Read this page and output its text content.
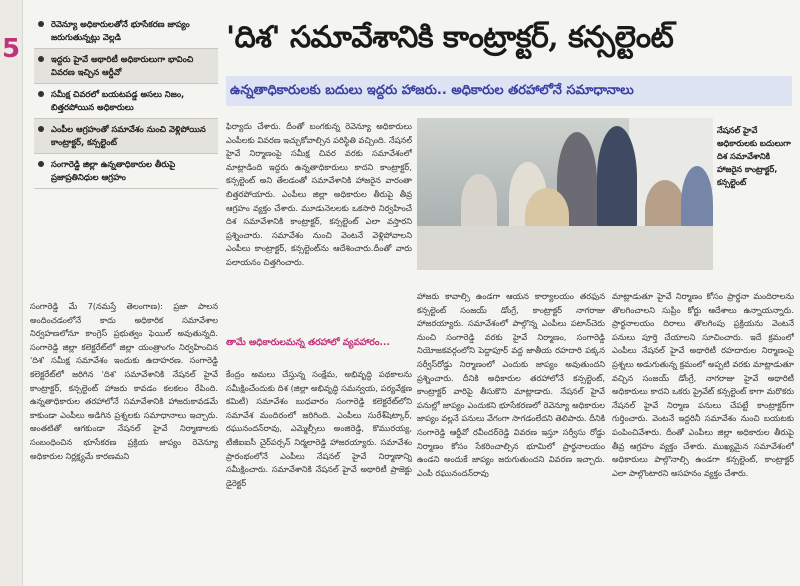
5
రెవెన్యూ అధికారులతోనే భూసేకరణ జాప్యం జరుగుతున్నట్లు వెల్లడి
ఇద్దరు హైవే అథారిటీ అధికారులుగా భావించి వివరణ ఇచ్చిన ఆర్డీవో
సమీక్ష చివరలో బయటపడ్డ అసలు నిజం, బిత్తరపోయిన అధికారులు
ఎంపీల ఆగ్రహంతో సమావేశం నుంచి వెళ్లిపోయిన కాంట్రాక్టర్, కన్సల్టెంట్
సంగారెడ్డి జిల్లా ఉన్నతాధికారుల తీరుపై ప్రజాప్రతినిధుల ఆగ్రహం
'దిశ' సమావేశానికి కాంట్రాక్టర్, కన్సల్టెంట్
ఉన్నతాధికారులకు బదులు ఇద్దరు హాజరు.. అధికారుల తరహాలోనే సమాధానాలు
సంగారెడ్డి మే 7(నమస్తే తెలంగాణ): ప్రజా పాలన అందించడంలోనే కాదు అధికారిక సమావేశాల నిర్వహణలోనూ కాంగ్రెస్ ప్రభుత్వం ఫెయిల్ అవుతున్నది. సంగారెడ్డి జిల్లా కలెక్టరేట్‌లో జిల్లా యంత్రాంగం నిర్వహించిన 'దిశ' సమీక్ష సమావేశం ఇందుకు ఉదాహరణ. సంగారెడ్డి కలెక్టరేట్‌లో జరిగిన 'దిశ' సమావేశానికి నేషనల్ హైవే కాంట్రాక్టర్, కన్సల్టెంట్ హాజరు కావడం కలకలం రేపింది. ఉన్నతాధికారుల తరహాలోనే సమావేశానికి హాజరుకావడమే కాకుండా ఎంపీలు అడిగిన ప్రశ్నలకు సమాధానాలు ఇచ్చారు. అంతటితో ఆగకుండా నేషనల్ హైవే నిర్మాణాలకు సంబంధించిన భూసేకరణ ప్రక్రియ జాప్యం రెవెన్యూ అధికారుల నిర్లక్ష్యమే కారణమని
ఫిర్యాదు చేశారు. దీంతో బంగకున్న రెవెన్యూ అధికారులు ఎంపీలకు వివరణ ఇచ్చుకోవాల్సిన పరిస్థితి వచ్చింది. నేషనల్ హైవే నిర్మాణంపై సమీక్ష చివర వరకు సమావేశంలో మాట్లాడింది ఇద్దరు ఉన్నతాధికారులు కాదని కాంట్రాక్టర్, కన్సల్టెంట్ అని తేలడంతో సమావేశానికి హాజరైన వారంతా బిత్తరపోయారు. ఎంపీలు జిల్లా అధికారుల తీరుపై తీవ్ర ఆగ్రహం వ్యక్తం చేశారు. మూడునెలలకు ఒకసారి నిర్వహించే దిశ సమావేశానికి కాంట్రాక్టర్, కన్సల్టెంట్ ఎలా వస్తారని ప్రశ్నించారు. సమావేశం నుంచి వెంటనే వెళ్లిపోవాలని ఎంపీలు కాంట్రాక్టర్, కన్సల్టెంట్‌ను ఆదేశించారు.దీంతో వారు పలాయనం చిత్తగించారు.
తామే అధికారులమన్న తరహాలో వ్యవహారం...
కేంద్రం అమలు చేస్తున్న సంక్షేమ, అభివృద్ధి పథకాలను సమీక్షించేందుకు దిశ (జిల్లా అభివృద్ధి సమన్వయ, పర్యవేక్షణ కమిటీ) సమావేశం బుధవారం సంగారెడ్డి కలెక్టరేట్‌లోని సమావేశ మందిరంలో జరిగింది. ఎంపీలు సురేశ్‌షెట్కార్, రఘునందన్‌రావు, ఎమ్మెల్సీలు అంజిరెడ్డి, కొమురయ్య, టీజీఐఐసీ చైర్‌పర్సన్ నిర్మలారెడ్డి హాజరయ్యారు. సమావేశం ప్రారంభంలోనే ఎంపీలు నేషనల్ హైవే నిర్మాణాన్ని సమీక్షించారు. సమావేశానికి నేషనల్ హైవే అథారిటీ ప్రాజెక్టు డైరెక్టర్
నేషనల్ హైవే అధికారులకు బదులుగా దిశ సమావేశానికి హాజరైన కాంట్రాక్టర్, కన్సల్టెంట్
హాజరు కావాల్సి ఉండగా ఆయన కార్యాలయం తరఫున కన్సల్టెంట్ సంజయ్ డోంగ్రే, కాంట్రాక్టర్ నాగరాజు హాజరయ్యారు. సమావేశంలో పాల్గొన్న ఎంపీలు పటాన్‌చెరు నుంచి సంగారెడ్డి వరకు హైవే నిర్మాణం, సంగారెడ్డి నియోజకవర్గంలోని పెద్దాపూర్ వద్ద జాతీయ రహదారి పక్కన సర్వీస్‌రోడ్డు నిర్మాణంలో ఎందుకు జాప్యం అవుతుందని ప్రశ్నించారు. దీనికి అధికారుల తరహాలోనే కన్సల్టెంట్, కాంట్రాక్టర్ వారిపై తీసుకొని మాట్లాడారు. నేషనల్ హైవే పనుల్లో జాప్యం ఎందుకని భూసేకరణలో రెవెన్యూ అధికారుల జాప్యం వల్లనే పనులు వేగంగా సాగడంలేదని తెలిపారు. దీనికి సంగారెడ్డి ఆర్డీవో రవీందర్‌రెడ్డి వివరణ ఇస్తూ సర్వీసు రోడ్డు నిర్మాణం కోసం సేకరించాల్సిన భూమిలో ప్రార్థనాలయం ఉండని అందుకే జాప్యం జరుగుతుందని వివరణ ఇచ్చారు. ఎంపీ రఘునందన్‌రావు
మాట్లాడుతూ హైవే నిర్మాణం కోసం ప్రార్థనా మందిరాలను తొలగించాలని సుప్రీం కోర్టు ఆదేశాలు ఉన్నాయన్నారు. ప్రార్థనాలయం దిరాలు తొలగింపు ప్రక్రియను వెంటనే పనులు పూర్తి చేయాలని సూచించారు. ఇదే క్రమంలో ఎంపీలు నేషనల్ హైవే అథారిటీ రహదారుల నిర్మాణంపై ప్రశ్నలు అడుగుతున్న క్రమంలో అప్పటి వరకు మాట్లాడుతూ వచ్చిన సంజయ్ డోంగ్రే, నాగరాజు హైవే అథారిటీ అధికారులు కాదని ఒకరు ప్రైవేట్ కన్సల్టెంట్ కాగా మరొకరు నేషనల్ హైవే నిర్మాణ పనులు చేపట్టే కాంట్రాక్టర్‌గా గుర్తించారు. వెంటనే ఇద్దరినీ సమావేశం నుంచి బయటకు పంపించివేశారు. దీంతో ఎంపీలు జిల్లా అధికారుల తీరుపై తీవ్ర ఆగ్రహం వ్యక్తం చేశారు. ముఖ్యమైన సమావేశంలో అధికారులు పాల్గొనాల్సి ఉండగా కన్సల్టెంట్, కాంట్రాక్టర్ ఎలా పాల్గొంటారని అసహనం వ్యక్తం చేశారు.
